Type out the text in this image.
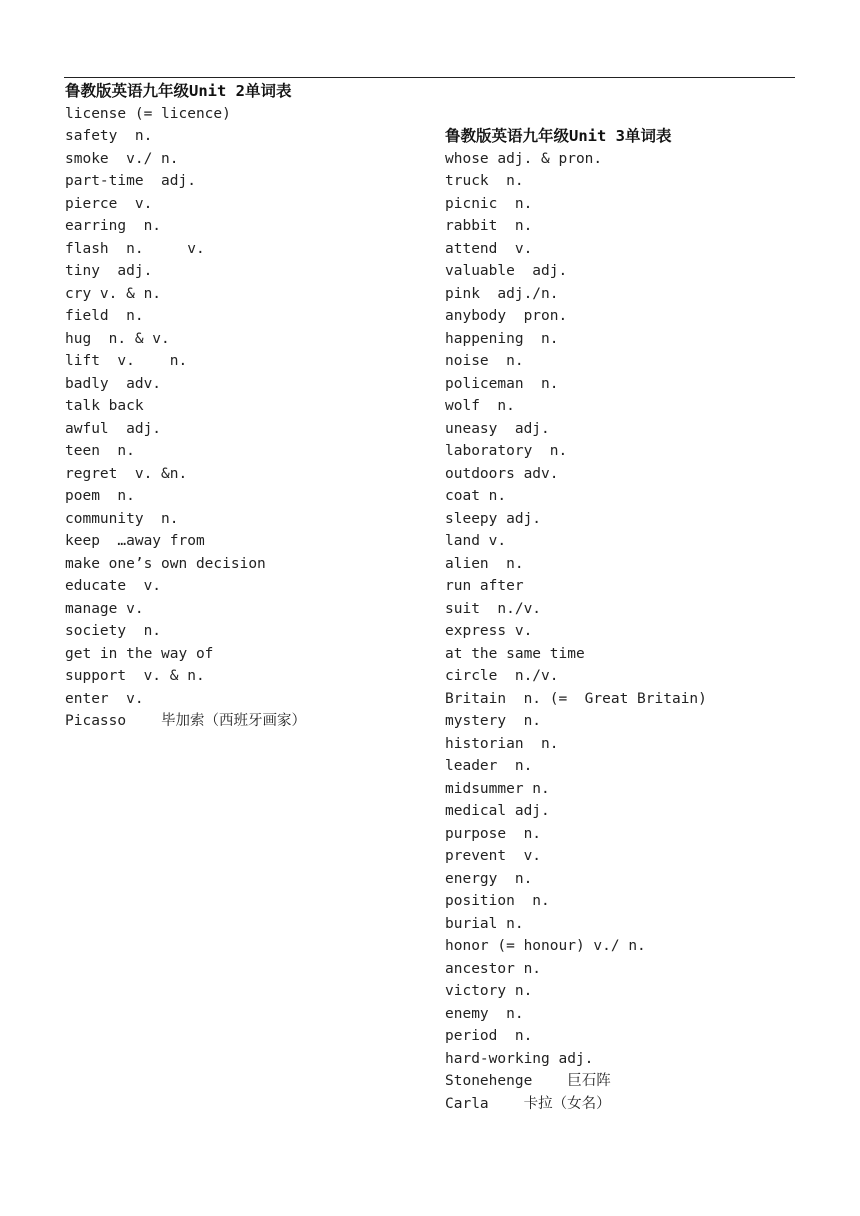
鲁教版英语九年级Unit 2单词表
license (= licence)
safety  n.
smoke  v./ n.
part-time  adj.
pierce  v.
earring  n.
flash  n.     v.
tiny  adj.
cry v. & n.
field  n.
hug  n. & v.
lift  v.    n.
badly  adv.
talk back
awful  adj.
teen  n.
regret  v. &n.
poem  n.
community  n.
keep  …away from
make one’s own decision
educate  v.
manage v.
society  n.
get in the way of
support  v. & n.
enter  v.
Picasso    毕加索（西班牙画家）
鲁教版英语九年级Unit 3单词表
whose adj. & pron.
truck  n.
picnic  n.
rabbit  n.
attend  v.
valuable  adj.
pink  adj./n.
anybody  pron.
happening  n.
noise  n.
policeman  n.
wolf  n.
uneasy  adj.
laboratory  n.
outdoors adv.
coat n.
sleepy adj.
land v.
alien  n.
run after
suit  n./v.
express v.
at the same time
circle  n./v.
Britain  n. (=  Great Britain)
mystery  n.
historian  n.
leader  n.
midsummer n.
medical adj.
purpose  n.
prevent  v.
energy  n.
position  n.
burial n.
honor (= honour) v./ n.
ancestor n.
victory n.
enemy  n.
period  n.
hard-working adj.
Stonehenge    巨石阵
Carla    卡拉（女名）
